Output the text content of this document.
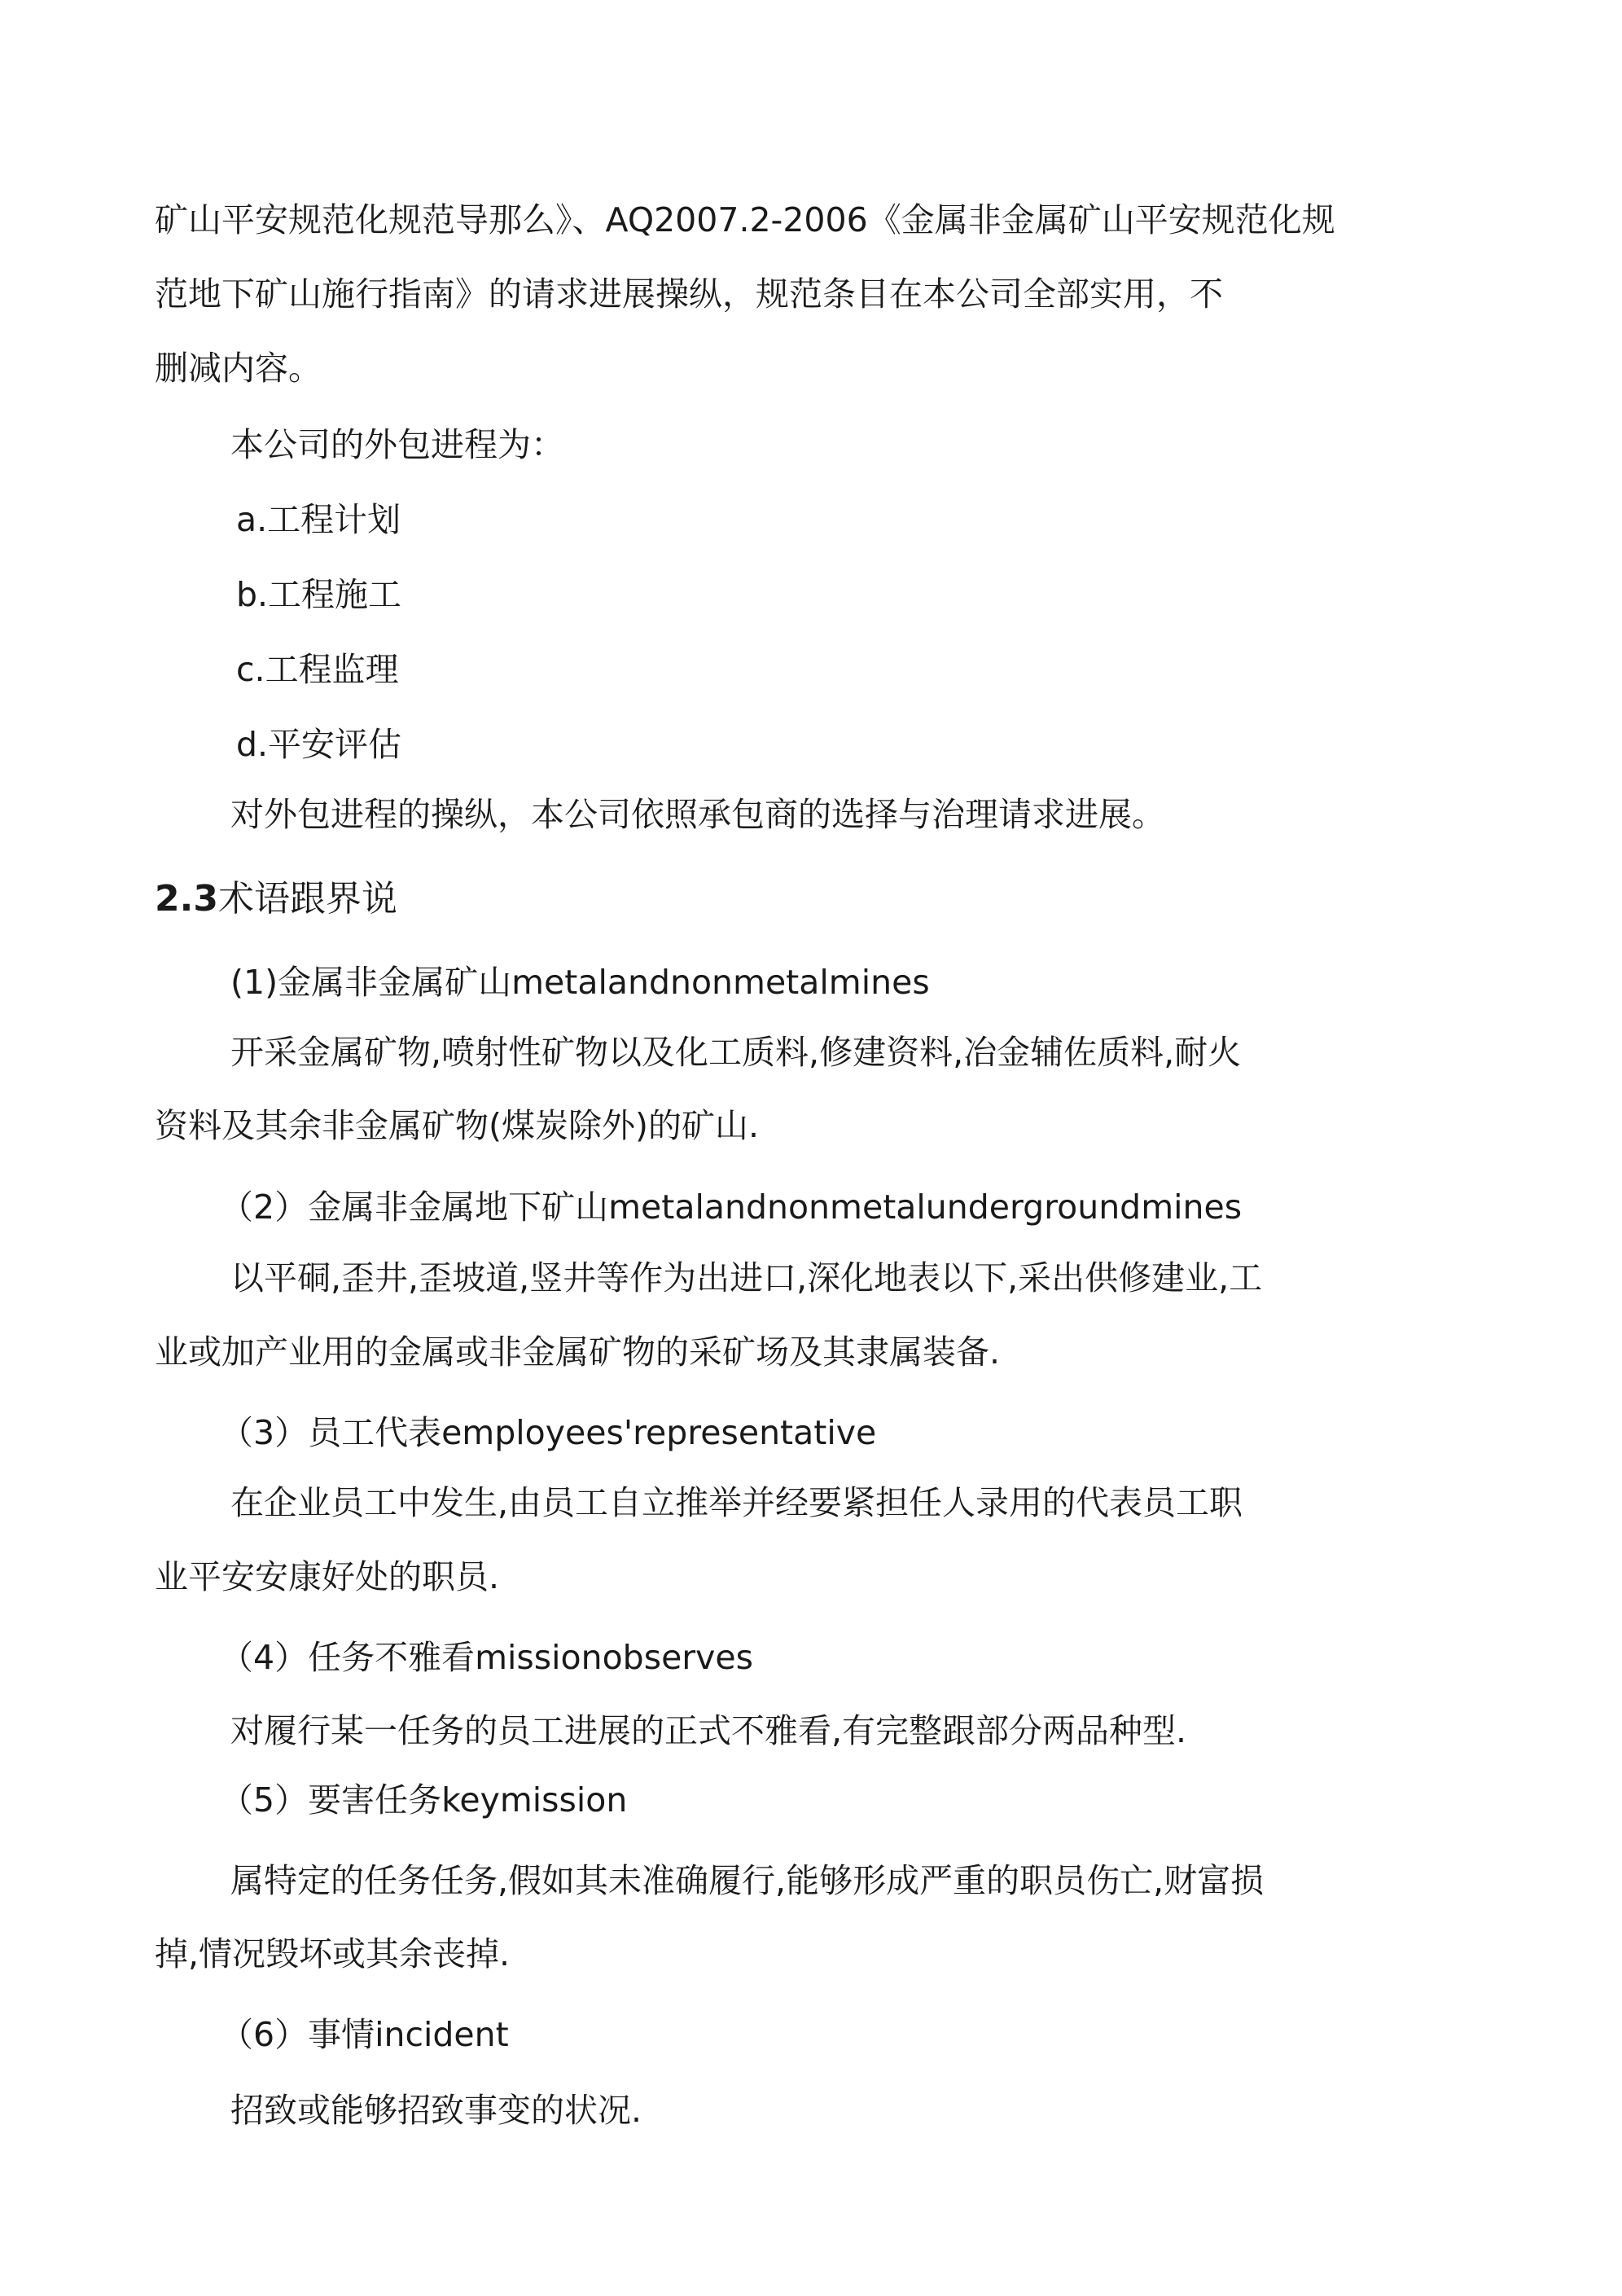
矿山平安规范化规范导那么》、AQ2007.2-2006《金属非金属矿山平安规范化规
范地下矿山施行指南》的请求进展操纵，规范条目在本公司全部实用，不
删减内容。
本公司的外包进程为：
a.工程计划
b.工程施工
c.工程监理
d.平安评估
对外包进程的操纵，本公司依照承包商的选择与治理请求进展。
2.3术语跟界说
(1)金属非金属矿山metalandnonmetalmines
开采金属矿物,喷射性矿物以及化工质料,修建资料,冶金辅佐质料,耐火
资料及其余非金属矿物(煤炭除外)的矿山.
（2）金属非金属地下矿山metalandnonmetalundergroundmines
以平硐,歪井,歪坡道,竖井等作为出进口,深化地表以下,采出供修建业,工
业或加产业用的金属或非金属矿物的采矿场及其隶属装备.
（3）员工代表employees'representative
在企业员工中发生,由员工自立推举并经要紧担任人录用的代表员工职
业平安安康好处的职员.
（4）任务不雅看missionobserves
对履行某一任务的员工进展的正式不雅看,有完整跟部分两品种型.
（5）要害任务keymission
属特定的任务任务,假如其未准确履行,能够形成严重的职员伤亡,财富损
掉,情况毁坏或其余丧掉.
（6）事情incident
招致或能够招致事变的状况.
